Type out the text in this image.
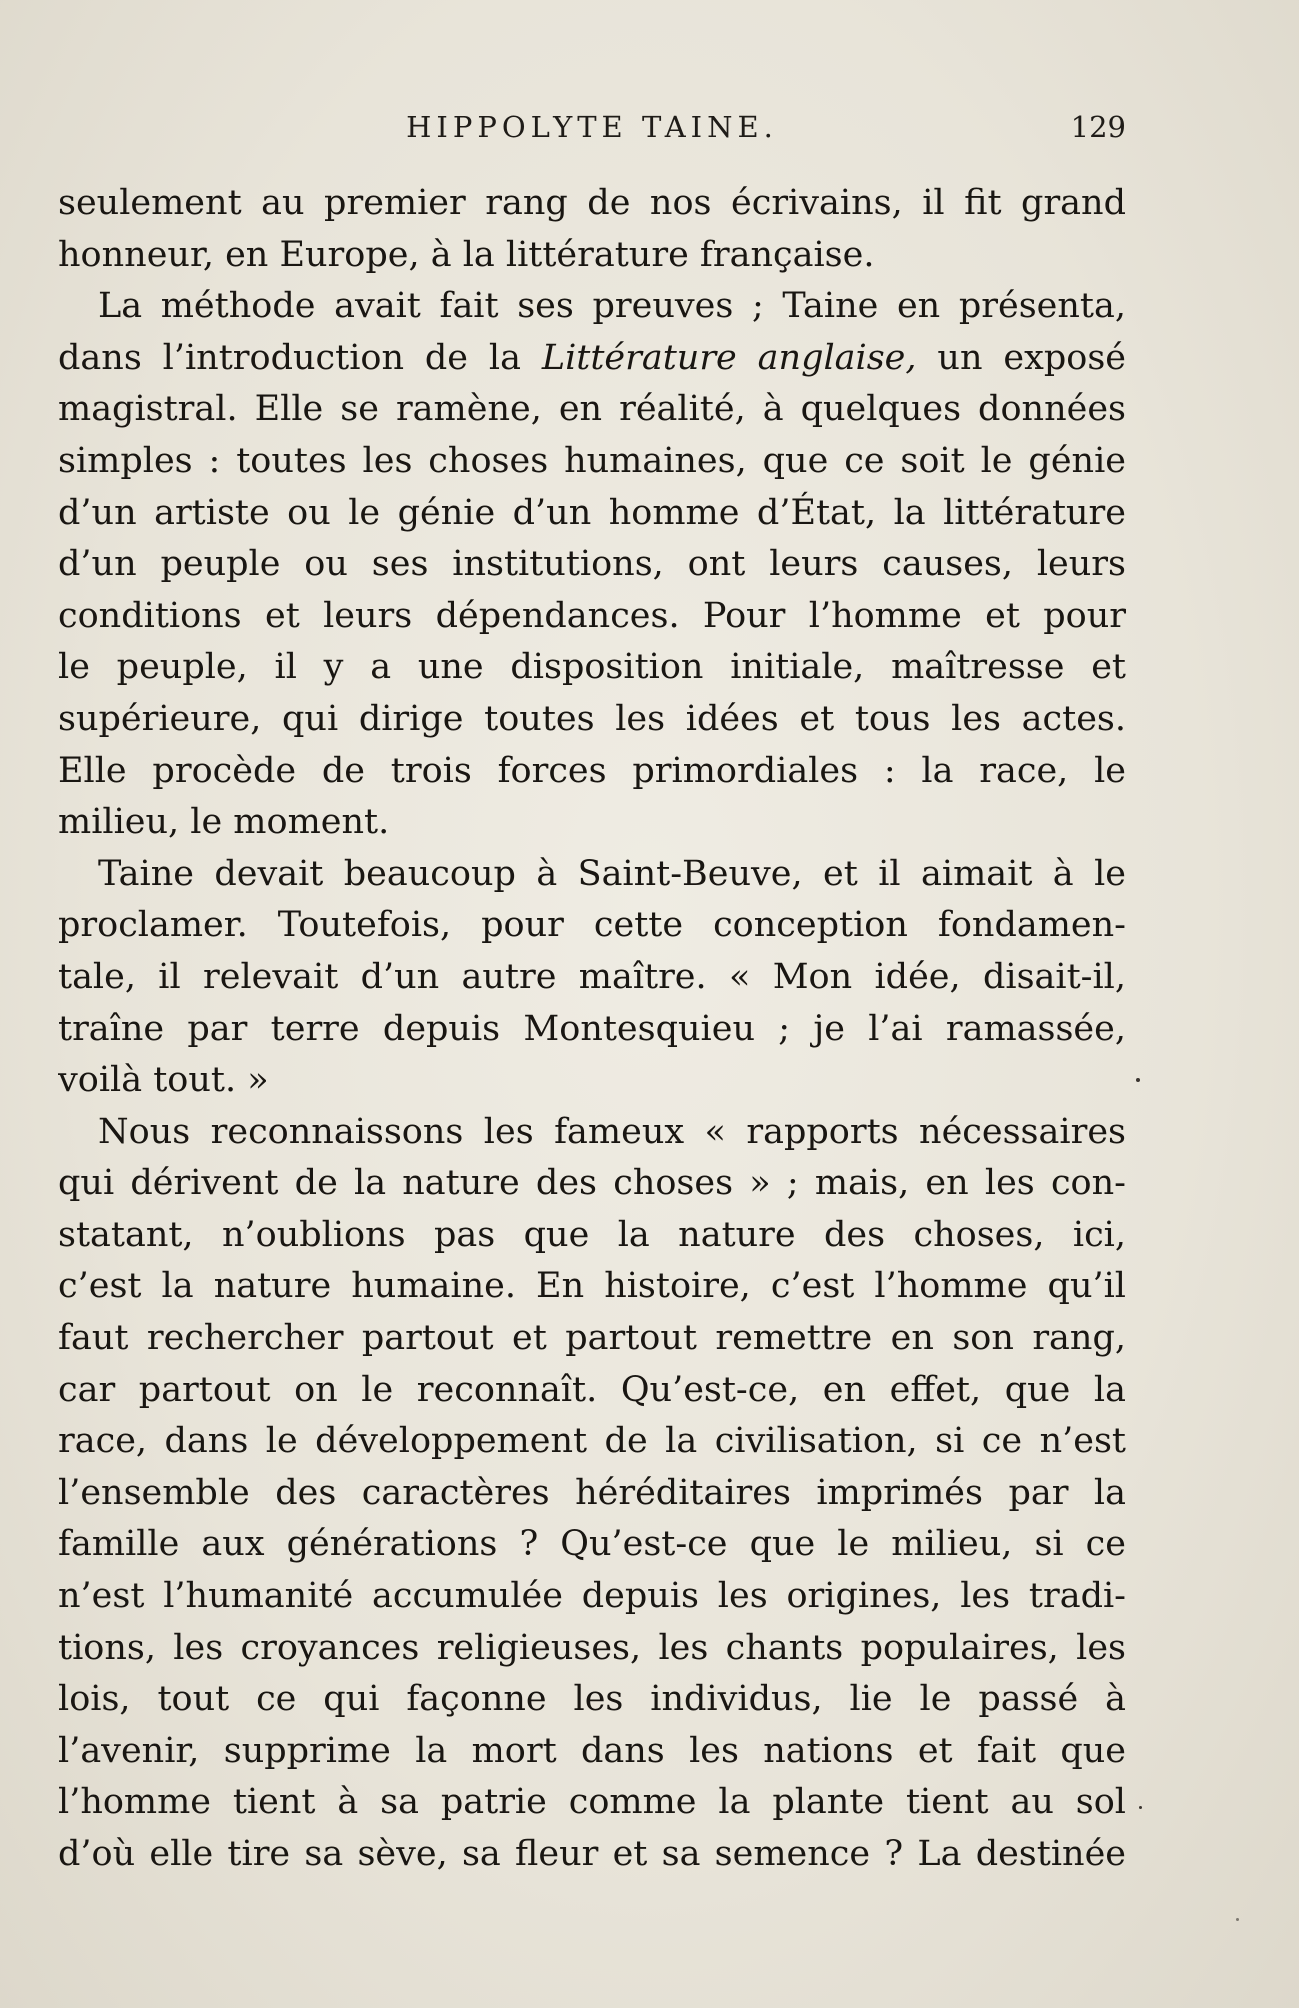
HIPPOLYTE TAINE.	129
seulement au premier rang de nos écrivains, il fit grand
honneur, en Europe, à la littérature française.
La méthode avait fait ses preuves ; Taine en présenta,
dans l’introduction de la Littérature anglaise, un exposé
magistral. Elle se ramène, en réalité, à quelques données
simples : toutes les choses humaines, que ce soit le génie
d’un artiste ou le génie d’un homme d’État, la littérature
d’un peuple ou ses institutions, ont leurs causes, leurs
conditions et leurs dépendances. Pour l’homme et pour
le peuple, il y a une disposition initiale, maîtresse et
supérieure, qui dirige toutes les idées et tous les actes.
Elle procède de trois forces primordiales : la race, le
milieu, le moment.
Taine devait beaucoup à Saint-Beuve, et il aimait à le
proclamer. Toutefois, pour cette conception fondamen-
tale, il relevait d’un autre maître. « Mon idée, disait-il,
traîne par terre depuis Montesquieu ; je l’ai ramassée,
voilà tout. »
Nous reconnaissons les fameux « rapports nécessaires
qui dérivent de la nature des choses » ; mais, en les con-
statant, n’oublions pas que la nature des choses, ici,
c’est la nature humaine. En histoire, c’est l’homme qu’il
faut rechercher partout et partout remettre en son rang,
car partout on le reconnaît. Qu’est-ce, en effet, que la
race, dans le développement de la civilisation, si ce n’est
l’ensemble des caractères héréditaires imprimés par la
famille aux générations ? Qu’est-ce que le milieu, si ce
n’est l’humanité accumulée depuis les origines, les tradi-
tions, les croyances religieuses, les chants populaires, les
lois, tout ce qui façonne les individus, lie le passé à
l’avenir, supprime la mort dans les nations et fait que
l’homme tient à sa patrie comme la plante tient au sol
d’où elle tire sa sève, sa fleur et sa semence ? La destinée
